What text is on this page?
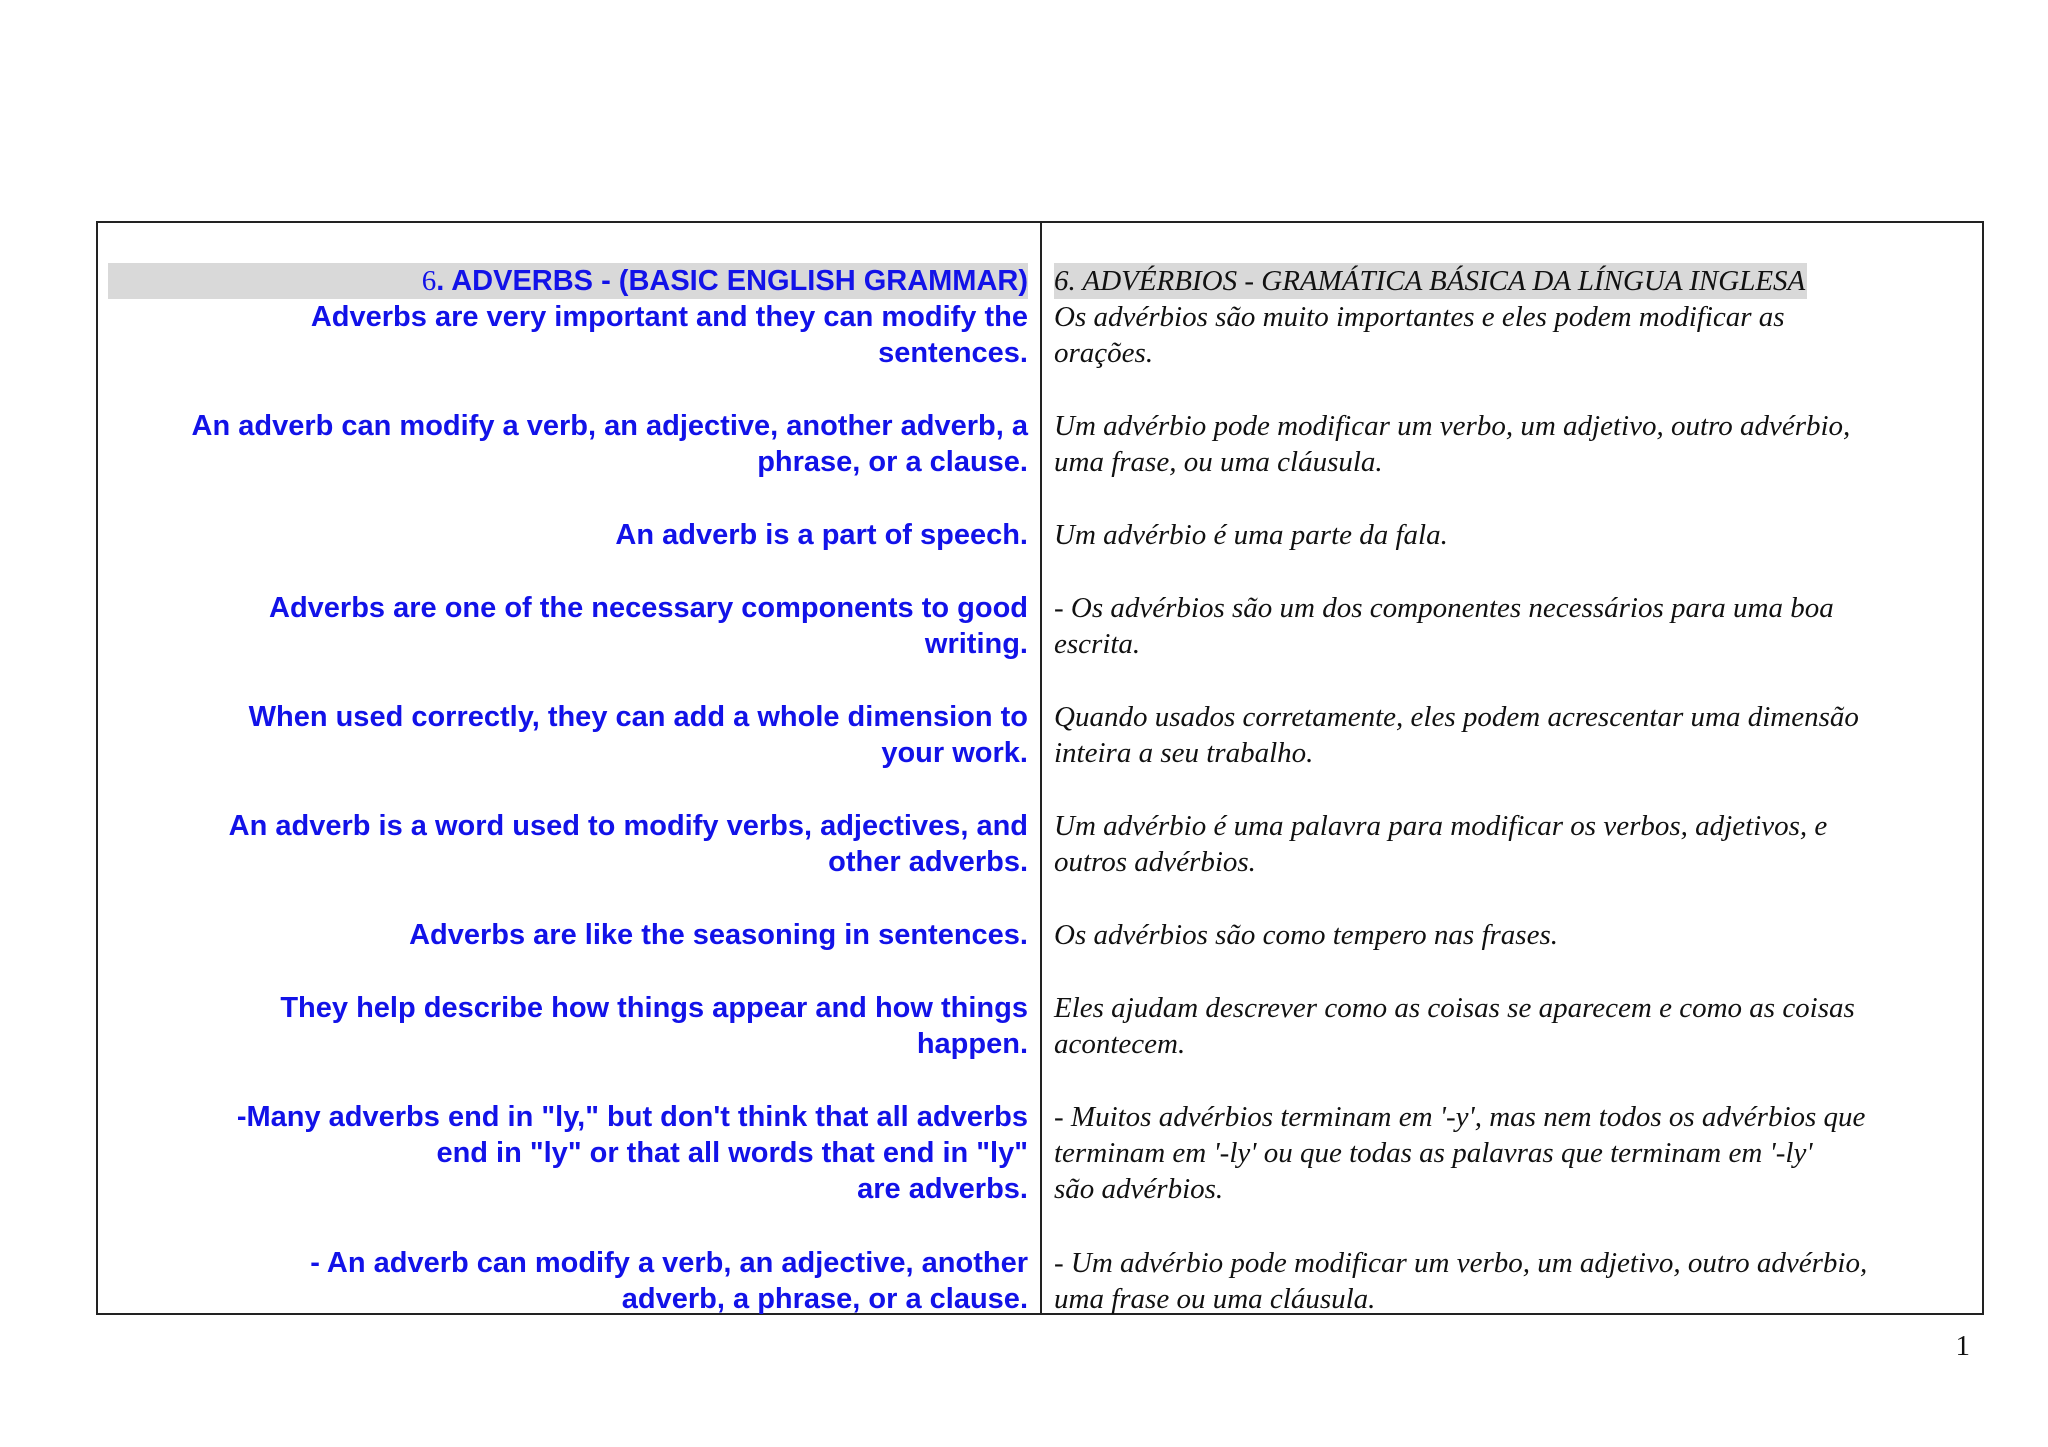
6. ADVERBS - (BASIC ENGLISH GRAMMAR)

Adverbs are very important and they can modify the
sentences.
An adverb can modify a verb, an adjective, another adverb, a
phrase, or a clause.
An adverb is a part of speech.
Adverbs are one of the necessary components to good
writing.
When used correctly, they can add a whole dimension to
your work.
An adverb is a word used to modify verbs, adjectives, and
other adverbs.
Adverbs are like the seasoning in sentences.
They help describe how things appear and how things
happen.
-Many adverbs end in "ly," but don't think that all adverbs
end in "ly" or that all words that end in "ly"
are adverbs.
- An adverb can modify a verb, an adjective, another
adverb, a phrase, or a clause.

6. ADVÉRBIOS - GRAMÁTICA BÁSICA DA LÍNGUA INGLESA

Os advérbios são muito importantes e eles podem modificar as
orações.
Um advérbio pode modificar um verbo, um adjetivo, outro advérbio,
uma frase, ou uma cláusula.
Um advérbio é uma parte da fala.
- Os advérbios são um dos componentes necessários para uma boa
escrita.
Quando usados corretamente, eles podem acrescentar uma dimensão
inteira a seu trabalho.
Um advérbio é uma palavra para modificar os verbos, adjetivos, e
outros advérbios.
Os advérbios são como tempero nas frases.
Eles ajudam descrever como as coisas se aparecem e como as coisas
acontecem.
- Muitos advérbios terminam em '-y', mas nem todos os advérbios que
terminam em '-ly' ou que todas as palavras que terminam em '-ly'
são advérbios.
- Um advérbio pode modificar um verbo, um adjetivo, outro advérbio,
uma frase ou uma cláusula.
1
